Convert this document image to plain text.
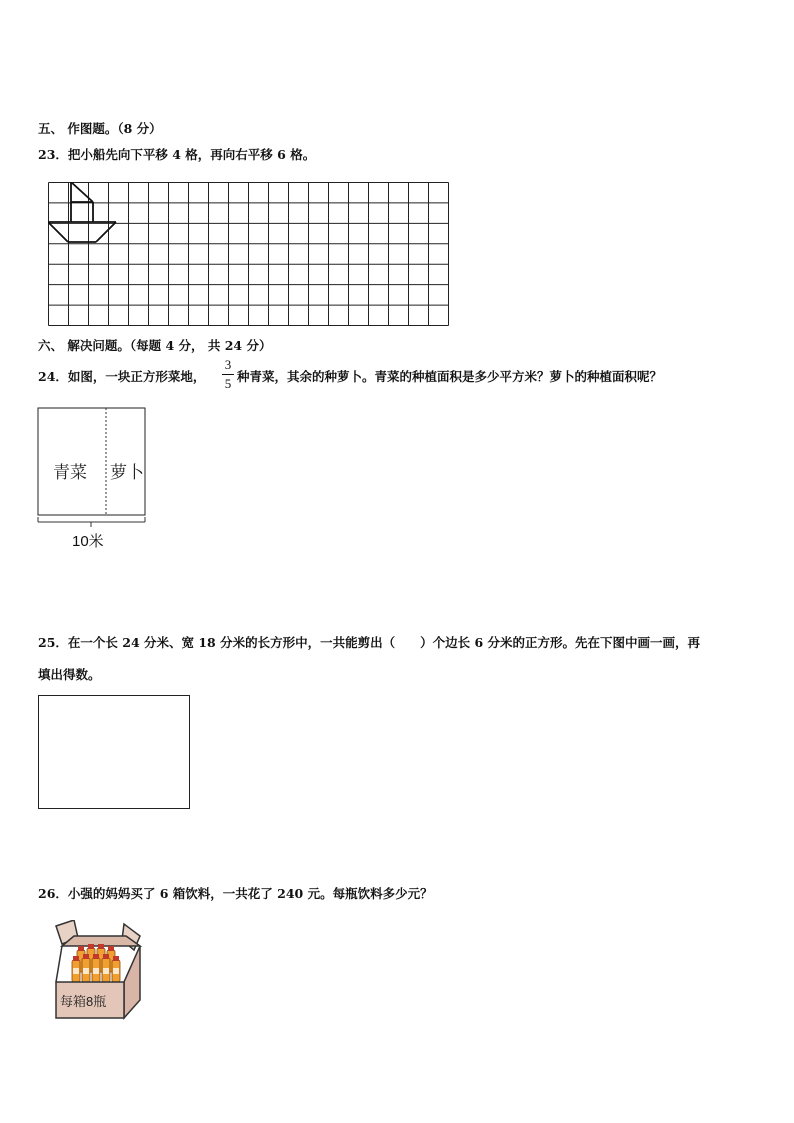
五、 作图题。（8 分）
23．把小船先向下平移 4 格，再向右平移 6 格。
六、 解决问题。（每题 4 分， 共 24 分）
24．如图，一块正方形菜地，
3
5 种青菜，其余的种萝卜。青菜的种植面积是多少平方米？萝卜的种植面积呢？
青菜 萝卜
10米
25．在一个长 24 分米、宽 18 分米的长方形中，一共能剪出（　　）个边长 6 分米的正方形。先在下图中画一画，再
填出得数。
26．小强的妈妈买了 6 箱饮料，一共花了 240 元。每瓶饮料多少元？
每箱8瓶
